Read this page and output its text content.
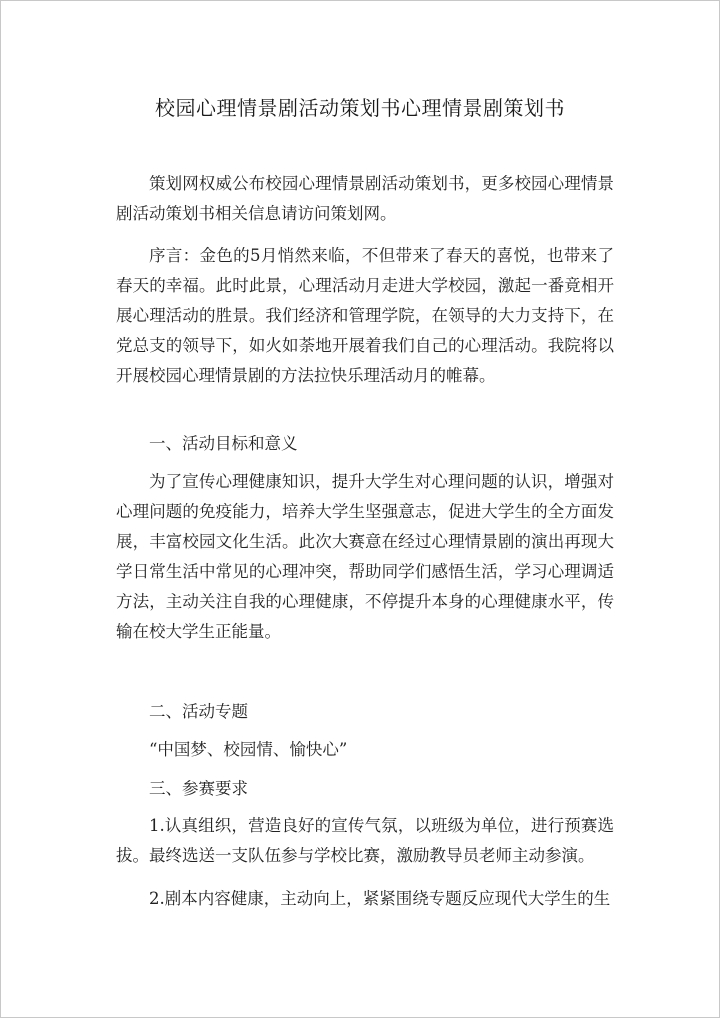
校园心理情景剧活动策划书心理情景剧策划书

策划网权威公布校园心理情景剧活动策划书，更多校园心理情景剧活动策划书相关信息请访问策划网。

序言：金色的5月悄然来临，不但带来了春天的喜悦，也带来了春天的幸福。此时此景，心理活动月走进大学校园，激起一番竟相开展心理活动的胜景。我们经济和管理学院，在领导的大力支持下，在党总支的领导下，如火如荼地开展着我们自己的心理活动。我院将以开展校园心理情景剧的方法拉快乐理活动月的帷幕。

一、活动目标和意义

为了宣传心理健康知识，提升大学生对心理问题的认识，增强对心理问题的免疫能力，培养大学生坚强意志，促进大学生的全方面发展，丰富校园文化生活。此次大赛意在经过心理情景剧的演出再现大学日常生活中常见的心理冲突，帮助同学们感悟生活，学习心理调适方法，主动关注自我的心理健康，不停提升本身的心理健康水平，传输在校大学生正能量。

二、活动专题

“中国梦、校园情、愉快心”

三、参赛要求

1.认真组织，营造良好的宣传气氛，以班级为单位，进行预赛选拔。最终选送一支队伍参与学校比赛，激励教导员老师主动参演。

2.剧本内容健康，主动向上，紧紧围绕专题反应现代大学生的生
